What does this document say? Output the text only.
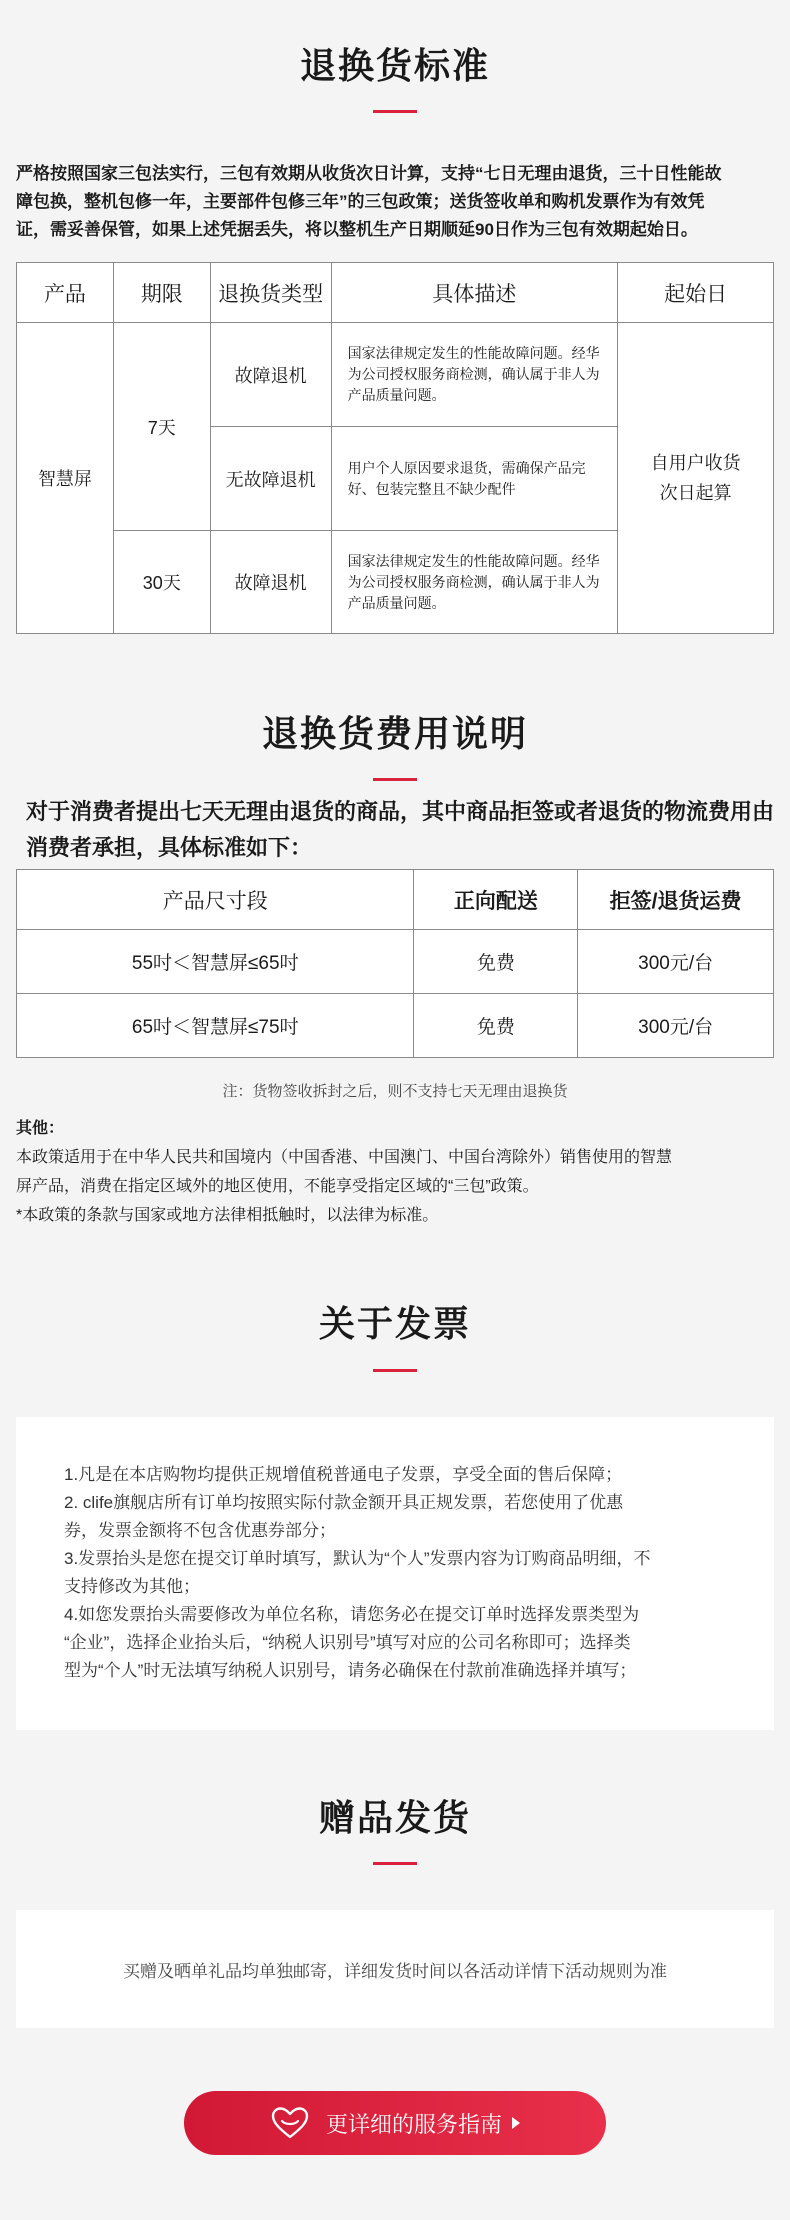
退换货标准
严格按照国家三包法实行，三包有效期从收货次日计算，支持“七日无理由退货，三十日性能故
障包换，整机包修一年，主要部件包修三年”的三包政策；送货签收单和购机发票作为有效凭
证，需妥善保管，如果上述凭据丢失，将以整机生产日期顺延90日作为三包有效期起始日。
产品	期限	退换货类型	具体描述	起始日
智慧屏	7天	故障退机	国家法律规定发生的性能故障问题。经华为公司授权服务商检测，确认属于非人为产品质量问题。	自用户收货
次日起算

		无故障退机	用户个人原因要求退货，需确保产品完好、包装完整且不缺少配件	
	30天	故障退机	国家法律规定发生的性能故障问题。经华为公司授权服务商检测，确认属于非人为产品质量问题。	
退换货费用说明
对于消费者提出七天无理由退货的商品，其中商品拒签或者退货的物流费用由
消费者承担，具体标准如下：
产品尺寸段	正向配送	拒签/退货运费
55吋＜智慧屏≤65吋	免费	300元/台
65吋＜智慧屏≤75吋	免费	300元/台
注：货物签收拆封之后，则不支持七天无理由退换货
其他：
本政策适用于在中华人民共和国境内（中国香港、中国澳门、中国台湾除外）销售使用的智慧
屏产品，消费在指定区域外的地区使用，不能享受指定区域的“三包”政策。
*本政策的条款与国家或地方法律相抵触时，以法律为标准。
关于发票
1.凡是在本店购物均提供正规增值税普通电子发票，享受全面的售后保障；
2. clife旗舰店所有订单均按照实际付款金额开具正规发票，若您使用了优惠
券，发票金额将不包含优惠券部分；
3.发票抬头是您在提交订单时填写，默认为“个人”发票内容为订购商品明细，不
支持修改为其他；
4.如您发票抬头需要修改为单位名称，请您务必在提交订单时选择发票类型为
“企业”，选择企业抬头后，“纳税人识别号”填写对应的公司名称即可；选择类
型为“个人”时无法填写纳税人识别号，请务必确保在付款前准确选择并填写；
赠品发货
买赠及晒单礼品均单独邮寄，详细发货时间以各活动详情下活动规则为准
更详细的服务指南
